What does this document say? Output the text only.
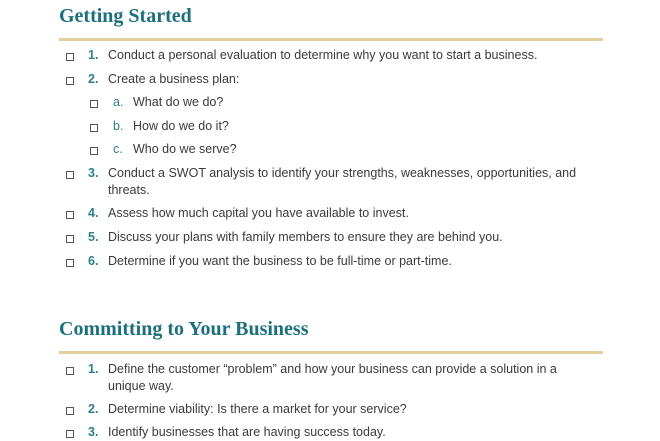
Getting Started
1. Conduct a personal evaluation to determine why you want to start a business.
2. Create a business plan:
a. What do we do?
b. How do we do it?
c. Who do we serve?
3. Conduct a SWOT analysis to identify your strengths, weaknesses, opportunities, and threats.
4. Assess how much capital you have available to invest.
5. Discuss your plans with family members to ensure they are behind you.
6. Determine if you want the business to be full-time or part-time.
Committing to Your Business
1. Define the customer “problem” and how your business can provide a solution in a unique way.
2. Determine viability: Is there a market for your service?
3. Identify businesses that are having success today.
